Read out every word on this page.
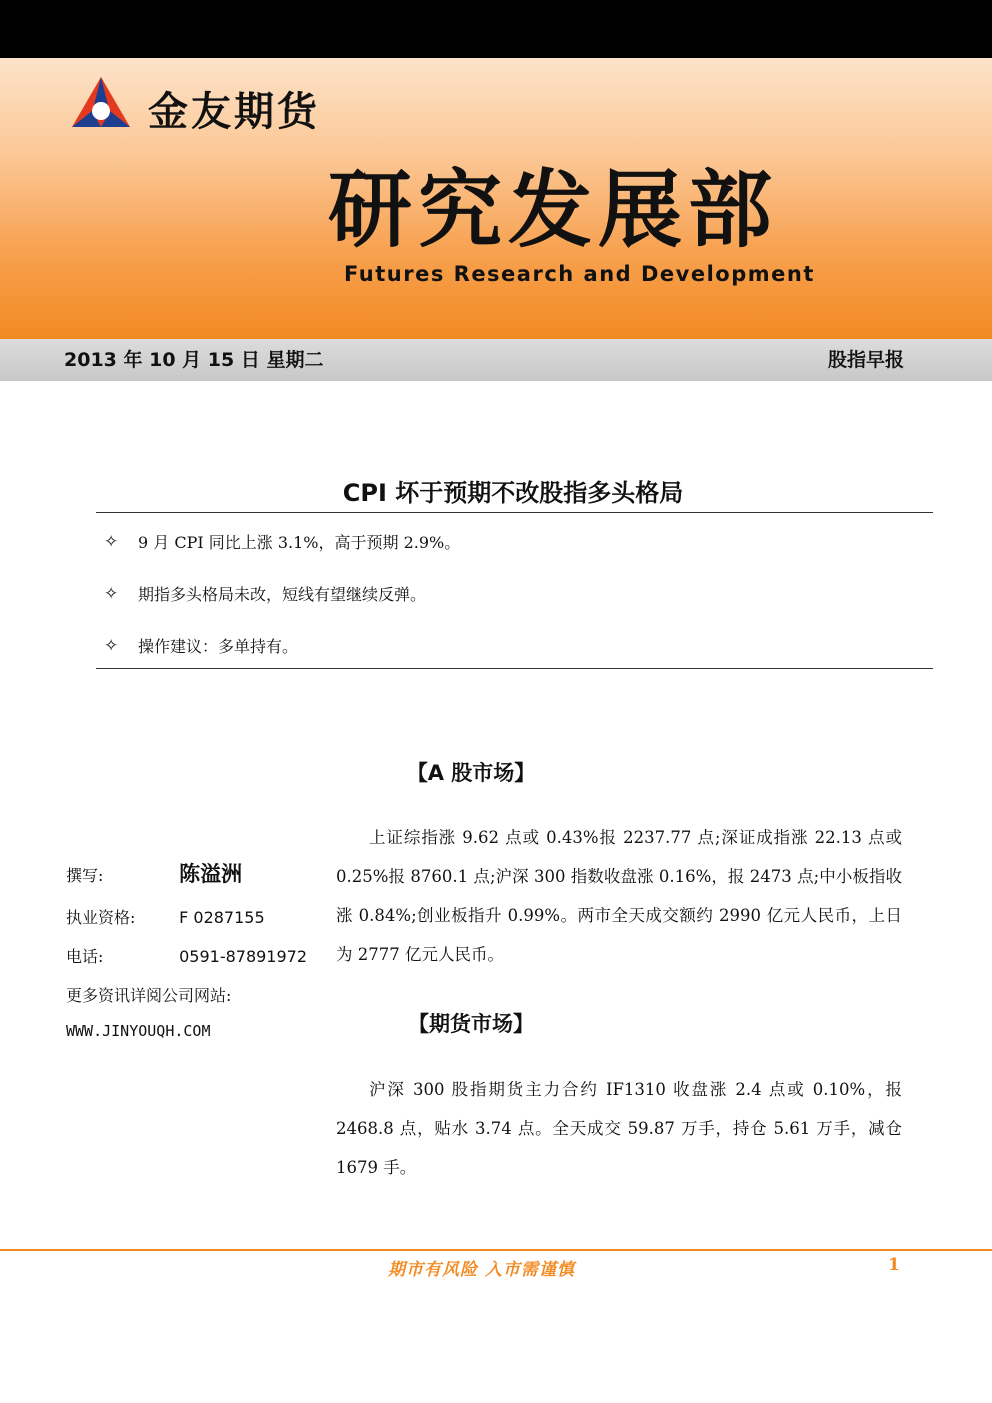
金友期货
研究发展部
Futures Research and Development
2013 年 10 月 15 日 星期二	股指早报
CPI 坏于预期不改股指多头格局
✧	9 月 CPI 同比上涨 3.1%，高于预期 2.9%。
✧	期指多头格局未改，短线有望继续反弹。
✧	操作建议：多单持有。
【A 股市场】
上证综指涨 9.62 点或 0.43%报 2237.77 点;深证成指涨 22.13 点或 0.25%报 8760.1 点;沪深 300 指数收盘涨 0.16%，报 2473 点;中小板指收涨 0.84%;创业板指升 0.99%。两市全天成交额约 2990 亿元人民币，上日为 2777 亿元人民币。
【期货市场】
沪深 300 股指期货主力合约 IF1310 收盘涨 2.4 点或 0.10%，报 2468.8 点，贴水 3.74 点。全天成交 59.87 万手，持仓 5.61 万手，减仓 1679 手。
撰写:	陈溢洲
执业资格:	F 0287155
电话:	0591-87891972
更多资讯详阅公司网站:
WWW.JINYOUQH.COM
期市有风险 入市需谨慎	1
